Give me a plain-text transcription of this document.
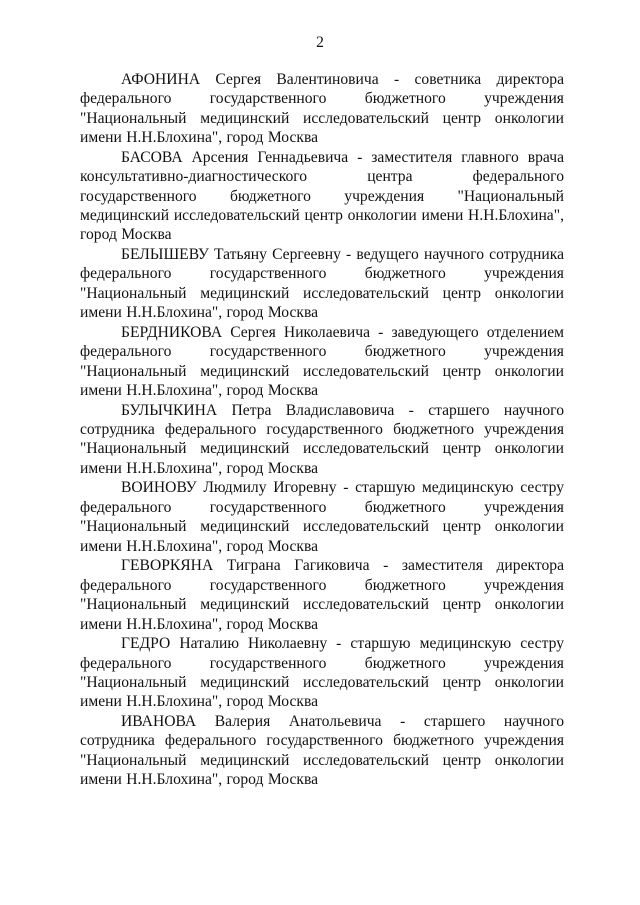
2

АФОНИНА Сергея Валентиновича - советника директора федерального государственного бюджетного учреждения "Национальный медицинский исследовательский центр онкологии имени Н.Н.Блохина", город Москва

БАСОВА Арсения Геннадьевича - заместителя главного врача консультативно-диагностического центра федерального государственного бюджетного учреждения "Национальный медицинский исследовательский центр онкологии имени Н.Н.Блохина", город Москва

БЕЛЫШЕВУ Татьяну Сергеевну - ведущего научного сотрудника федерального государственного бюджетного учреждения "Национальный медицинский исследовательский центр онкологии имени Н.Н.Блохина", город Москва

БЕРДНИКОВА Сергея Николаевича - заведующего отделением федерального государственного бюджетного учреждения "Национальный медицинский исследовательский центр онкологии имени Н.Н.Блохина", город Москва

БУЛЫЧКИНА Петра Владиславовича - старшего научного сотрудника федерального государственного бюджетного учреждения "Национальный медицинский исследовательский центр онкологии имени Н.Н.Блохина", город Москва

ВОИНОВУ Людмилу Игоревну - старшую медицинскую сестру федерального государственного бюджетного учреждения "Национальный медицинский исследовательский центр онкологии имени Н.Н.Блохина", город Москва

ГЕВОРКЯНА Тиграна Гагиковича - заместителя директора федерального государственного бюджетного учреждения "Национальный медицинский исследовательский центр онкологии имени Н.Н.Блохина", город Москва

ГЕДРО Наталию Николаевну - старшую медицинскую сестру федерального государственного бюджетного учреждения "Национальный медицинский исследовательский центр онкологии имени Н.Н.Блохина", город Москва

ИВАНОВА Валерия Анатольевича - старшего научного сотрудника федерального государственного бюджетного учреждения "Национальный медицинский исследовательский центр онкологии имени Н.Н.Блохина", город Москва
